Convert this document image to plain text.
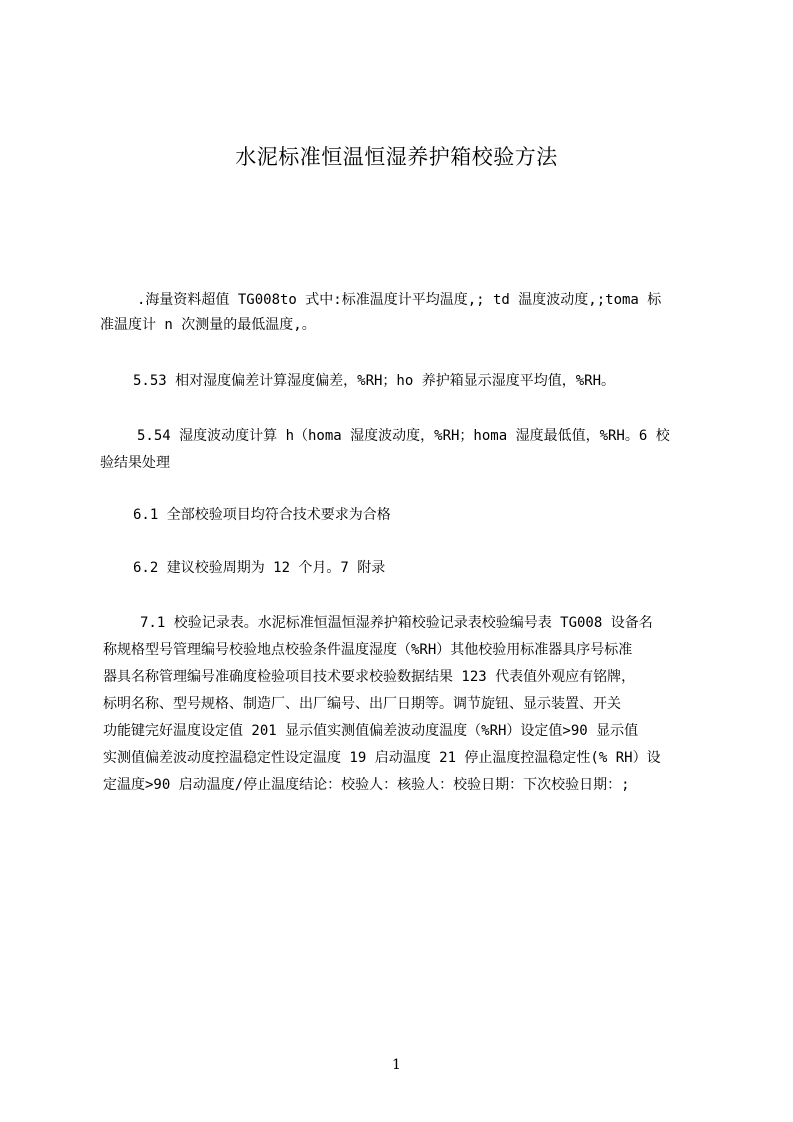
水泥标准恒温恒湿养护箱校验方法
.海量资料超值 TG008to 式中:标准温度计平均温度,; td 温度波动度,;toma 标
准温度计 n 次测量的最低温度,。
5.53 相对湿度偏差计算湿度偏差，%RH；ho 养护箱显示湿度平均值，%RH。
5.54 湿度波动度计算 h（homa 湿度波动度，%RH；homa 湿度最低值，%RH。6 校
验结果处理
6.1 全部校验项目均符合技术要求为合格
6.2 建议校验周期为 12 个月。7 附录
7.1 校验记录表。水泥标准恒温恒湿养护箱校验记录表校验编号表 TG008 设备名
称规格型号管理编号校验地点校验条件温度湿度（%RH）其他校验用标准器具序号标准
器具名称管理编号准确度检验项目技术要求校验数据结果 123 代表值外观应有铭牌，
标明名称、型号规格、制造厂、出厂编号、出厂日期等。调节旋钮、显示装置、开关
功能键完好温度设定值 201 显示值实测值偏差波动度温度（%RH）设定值>90 显示值
实测值偏差波动度控温稳定性设定温度 19 启动温度 21 停止温度控温稳定性(% RH）设
定温度>90 启动温度/停止温度结论：校验人：核验人：校验日期：下次校验日期：;
1
